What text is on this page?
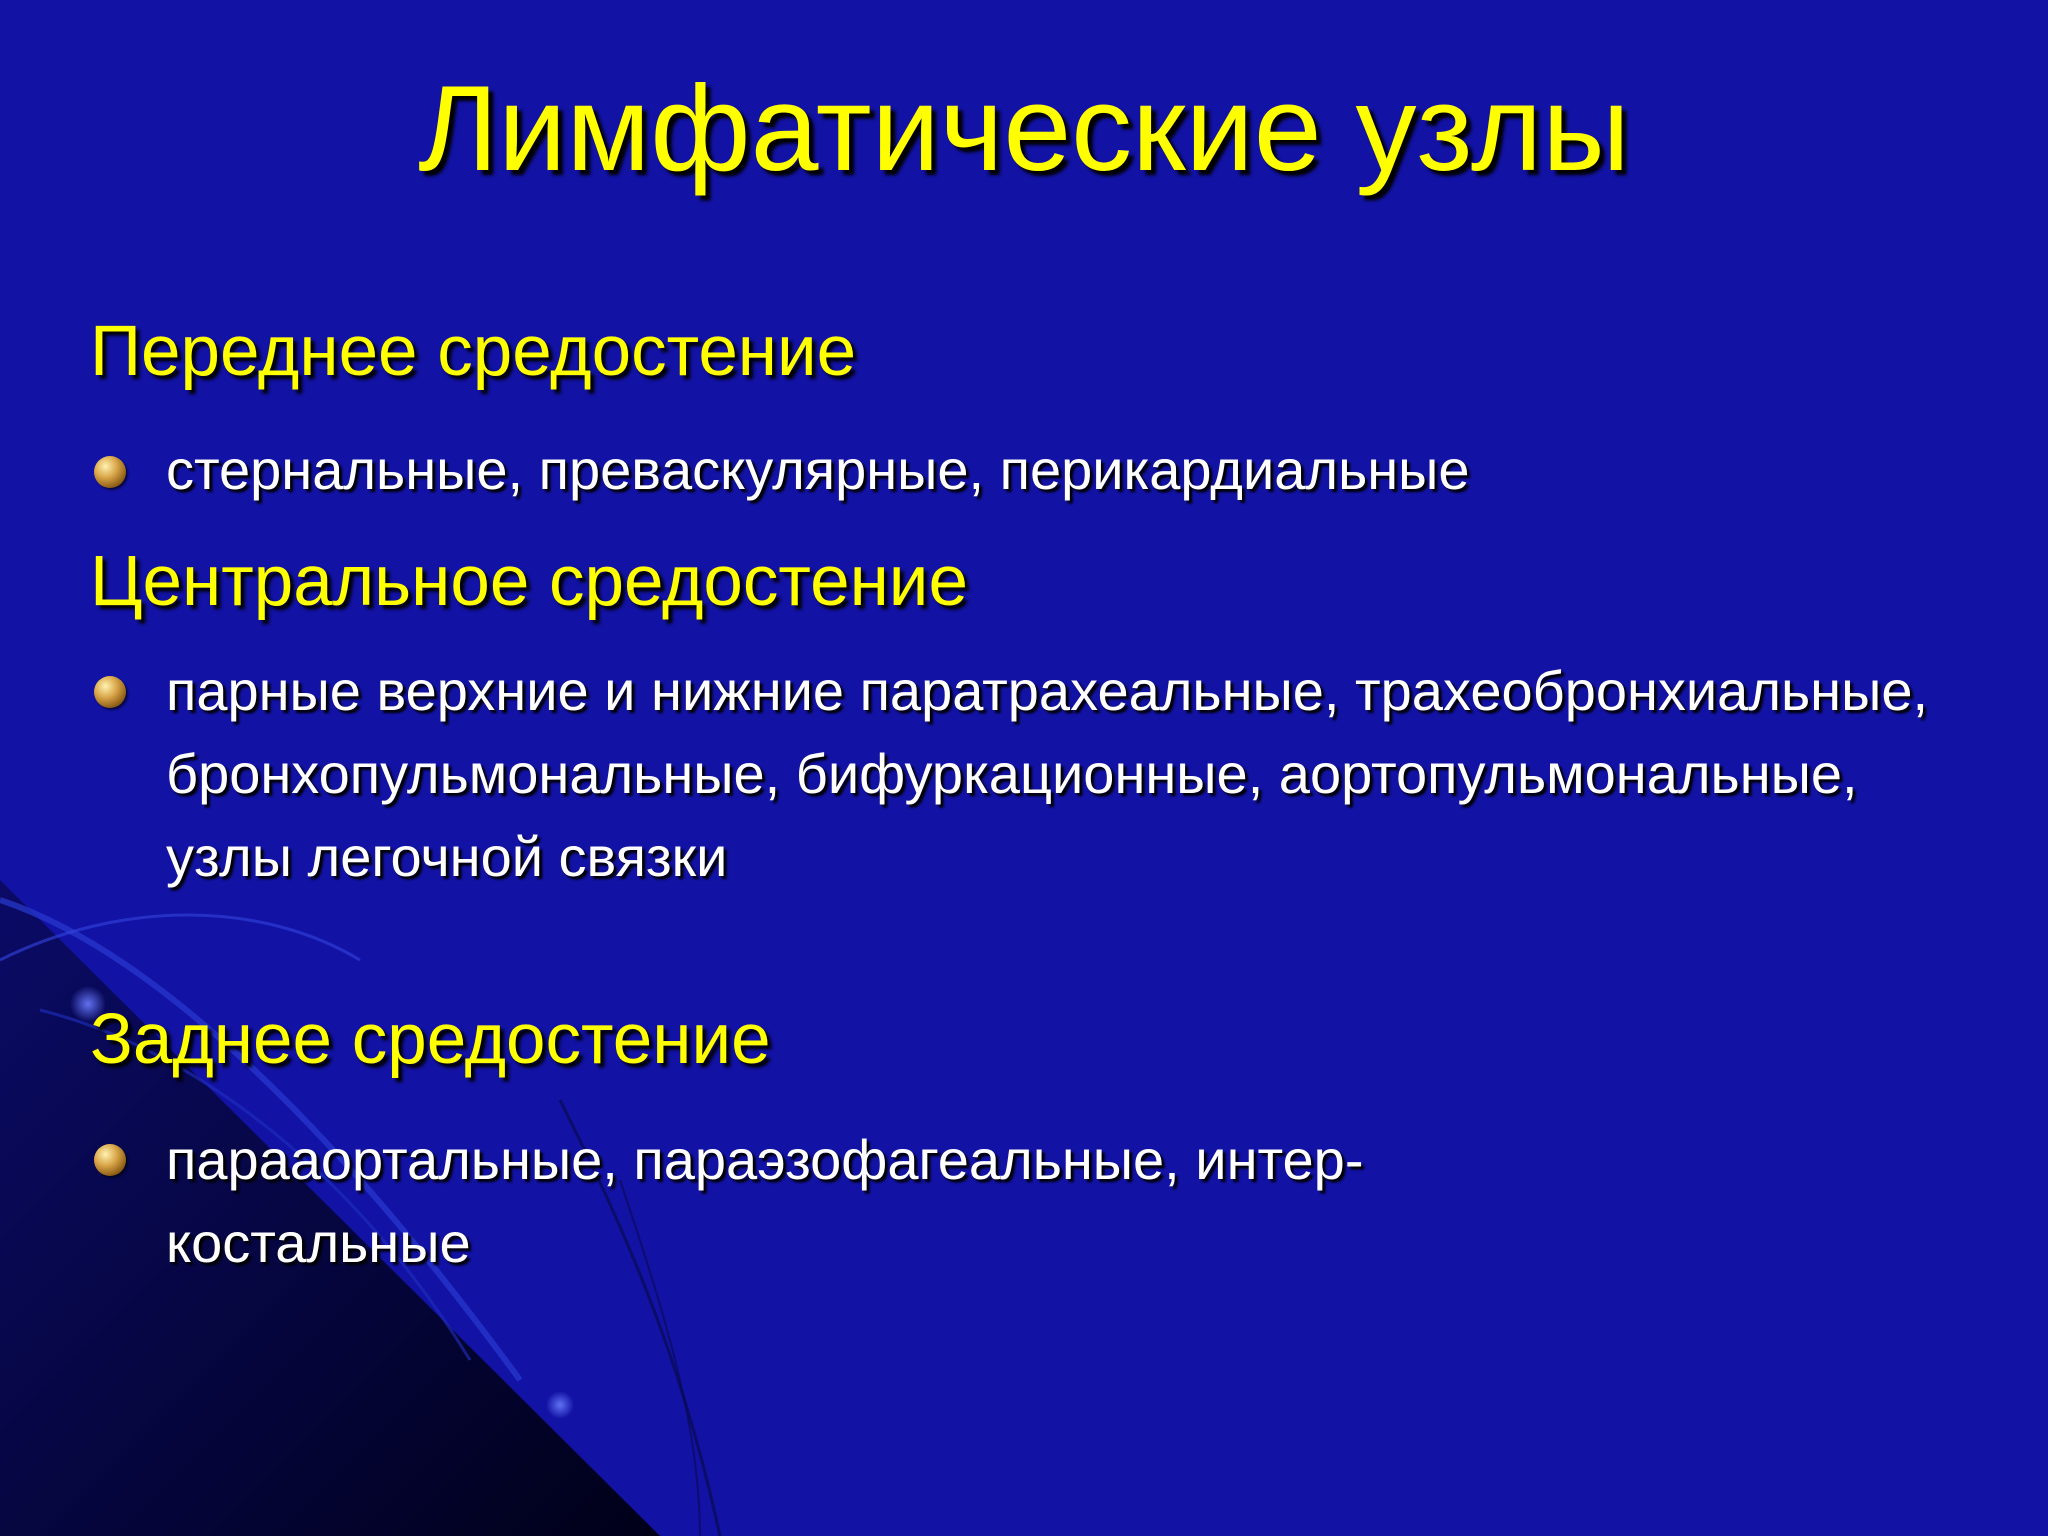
Лимфатические узлы
Переднее средостение
стернальные, превaскулярные, перикардиальные
Центральное средостение
парные верхние и нижние паратрахеальные, трахеобронхиальные, бронхопульмональные, бифуркационные, аортопульмональные, узлы легочной связки
Заднее средостение
парааортальные, параэзофагеальные, интер-костальные
